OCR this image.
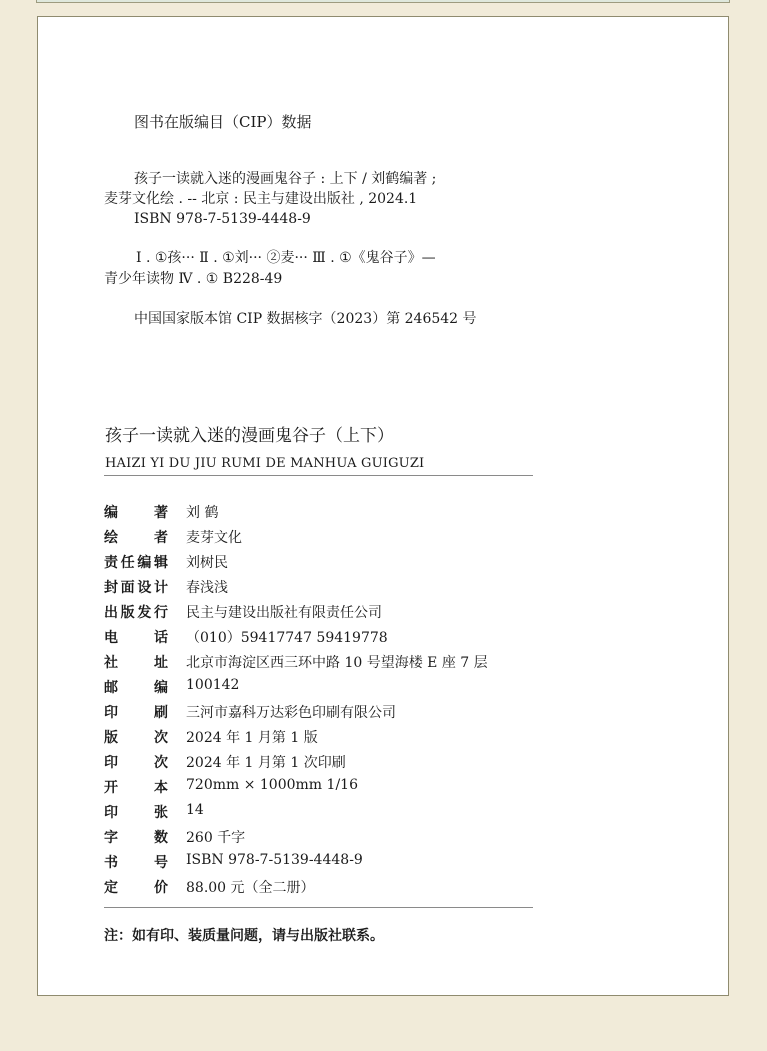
图书在版编目（CIP）数据
孩子一读就入迷的漫画鬼谷子 : 上下 / 刘鹤编著 ;
麦芽文化绘 . -- 北京 : 民主与建设出版社 , 2024.1
ISBN 978-7-5139-4448-9
Ⅰ . ①孩··· Ⅱ . ①刘··· ②麦··· Ⅲ . ①《鬼谷子》—
青少年读物 Ⅳ . ① B228-49
中国国家版本馆 CIP 数据核字（2023）第 246542 号
孩子一读就入迷的漫画鬼谷子（上下）
HAIZI YI DU JIU RUMI DE MANHUA GUIGUZI
编著 刘 鹤
绘者 麦芽文化
责任编辑 刘树民
封面设计 春浅浅
出版发行 民主与建设出版社有限责任公司
电话 （010）59417747 59419778
社址 北京市海淀区西三环中路 10 号望海楼 E 座 7 层
邮编 100142
印刷 三河市嘉科万达彩色印刷有限公司
版次 2024 年 1 月第 1 版
印次 2024 年 1 月第 1 次印刷
开本 720mm × 1000mm 1/16
印张 14
字数 260 千字
书号 ISBN 978-7-5139-4448-9
定价 88.00 元（全二册）
注：如有印、装质量问题，请与出版社联系。
